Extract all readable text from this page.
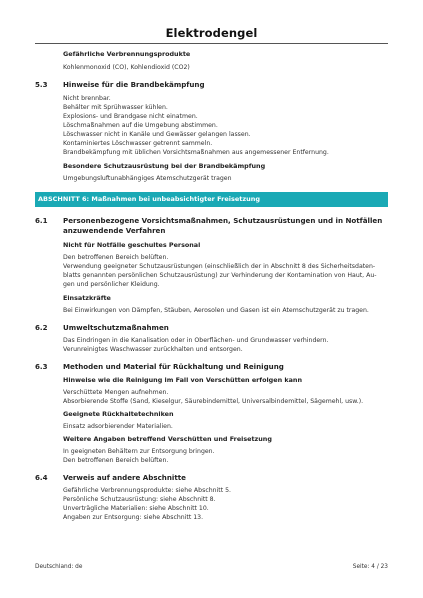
Elektrodengel

Gefährliche Verbrennungsprodukte

Kohlenmonoxid (CO), Kohlendioxid (CO2)

5.3	Hinweise für die Brandbekämpfung

Nicht brennbar.

Behälter mit Sprühwasser kühlen.

Explosions- und Brandgase nicht einatmen.

Löschmaßnahmen auf die Umgebung abstimmen.

Löschwasser nicht in Kanäle und Gewässer gelangen lassen.

Kontaminiertes Löschwasser getrennt sammeln.

Brandbekämpfung mit üblichen Vorsichtsmaßnahmen aus angemessener Entfernung.

Besondere Schutzausrüstung bei der Brandbekämpfung

Umgebungsluftunabhängiges Atemschutzgerät tragen

ABSCHNITT 6: Maßnahmen bei unbeabsichtigter Freisetzung
6.1	Personenbezogene Vorsichtsmaßnahmen, Schutzausrüstungen und in Notfällen anzuwendende Verfahren

Nicht für Notfälle geschultes Personal

Den betroffenen Bereich belüften.

Verwendung geeigneter Schutzausrüstungen (einschließlich der in Abschnitt 8 des Sicherheitsdaten-

blatts genannten persönlichen Schutzausrüstung) zur Verhinderung der Kontamination von Haut, Au-

gen und persönlicher Kleidung.

Einsatzkräfte

Bei Einwirkungen von Dämpfen, Stäuben, Aerosolen und Gasen ist ein Atemschutzgerät zu tragen.

6.2	Umweltschutzmaßnahmen

Das Eindringen in die Kanalisation oder in Oberflächen- und Grundwasser verhindern.

Verunreinigtes Waschwasser zurückhalten und entsorgen.

6.3	Methoden und Material für Rückhaltung und Reinigung

Hinweise wie die Reinigung im Fall von Verschütten erfolgen kann

Verschüttete Mengen aufnehmen.

Absorbierende Stoffe (Sand, Kieselgur, Säurebindemittel, Universalbindemittel, Sägemehl, usw.).

Geeignete Rückhaltetechniken

Einsatz adsorbierender Materialien.

Weitere Angaben betreffend Verschütten und Freisetzung

In geeigneten Behältern zur Entsorgung bringen.

Den betroffenen Bereich belüften.

6.4	Verweis auf andere Abschnitte

Gefährliche Verbrennungsprodukte: siehe Abschnitt 5.

Persönliche Schutzausrüstung: siehe Abschnitt 8.

Unverträgliche Materialien: siehe Abschnitt 10.

Angaben zur Entsorgung: siehe Abschnitt 13.

Deutschland: de	Seite: 4 / 23
